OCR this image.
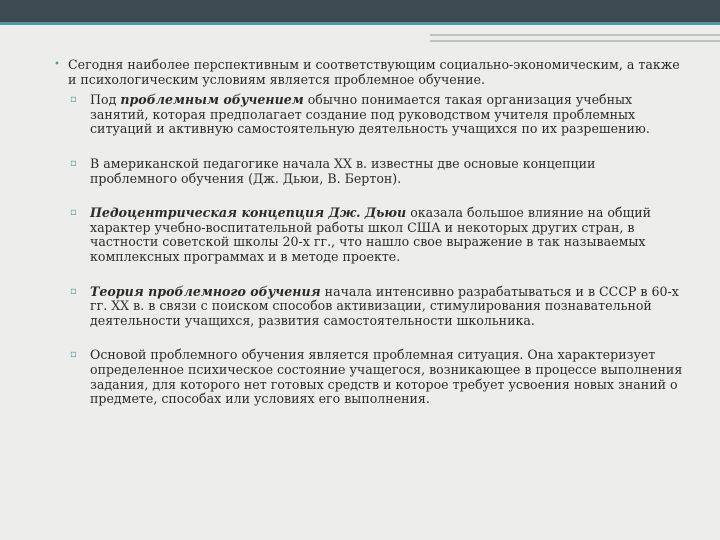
• Сегодня наиболее перспективным и соответствующим социально-экономическим, а также и психологическим условиям является проблемное обучение.
▫ Под проблемным обучением обычно понимается такая организация учебных занятий, которая предполагает создание под руководством учителя проблемных ситуаций и активную самостоятельную деятельность учащихся по их разрешению.
▫ В американской педагогике начала XX в. известны две основые концепции проблемного обучения (Дж. Дьюи, В. Бертон).
▫ Педоцентрическая концепция Дж. Дьюи оказала большое влияние на общий характер учебно-воспитательной работы школ США и некоторых других стран, в частности советской школы 20-х гг., что нашло свое выражение в так называемых комплексных программах и в методе проекте.
▫ Теория проблемного обучения начала интенсивно разрабатываться и в СССР в 60-х гг. XX в. в связи с поиском способов активизации, стимулирования познавательной деятельности учащихся, развития самостоятельности школьника.
▫ Основой проблемного обучения является проблемная ситуация. Она характеризует определенное психическое состояние учащегося, возникающее в процессе выполнения задания, для которого нет готовых средств и которое требует усвоения новых знаний о предмете, способах или условиях его выполнения.
